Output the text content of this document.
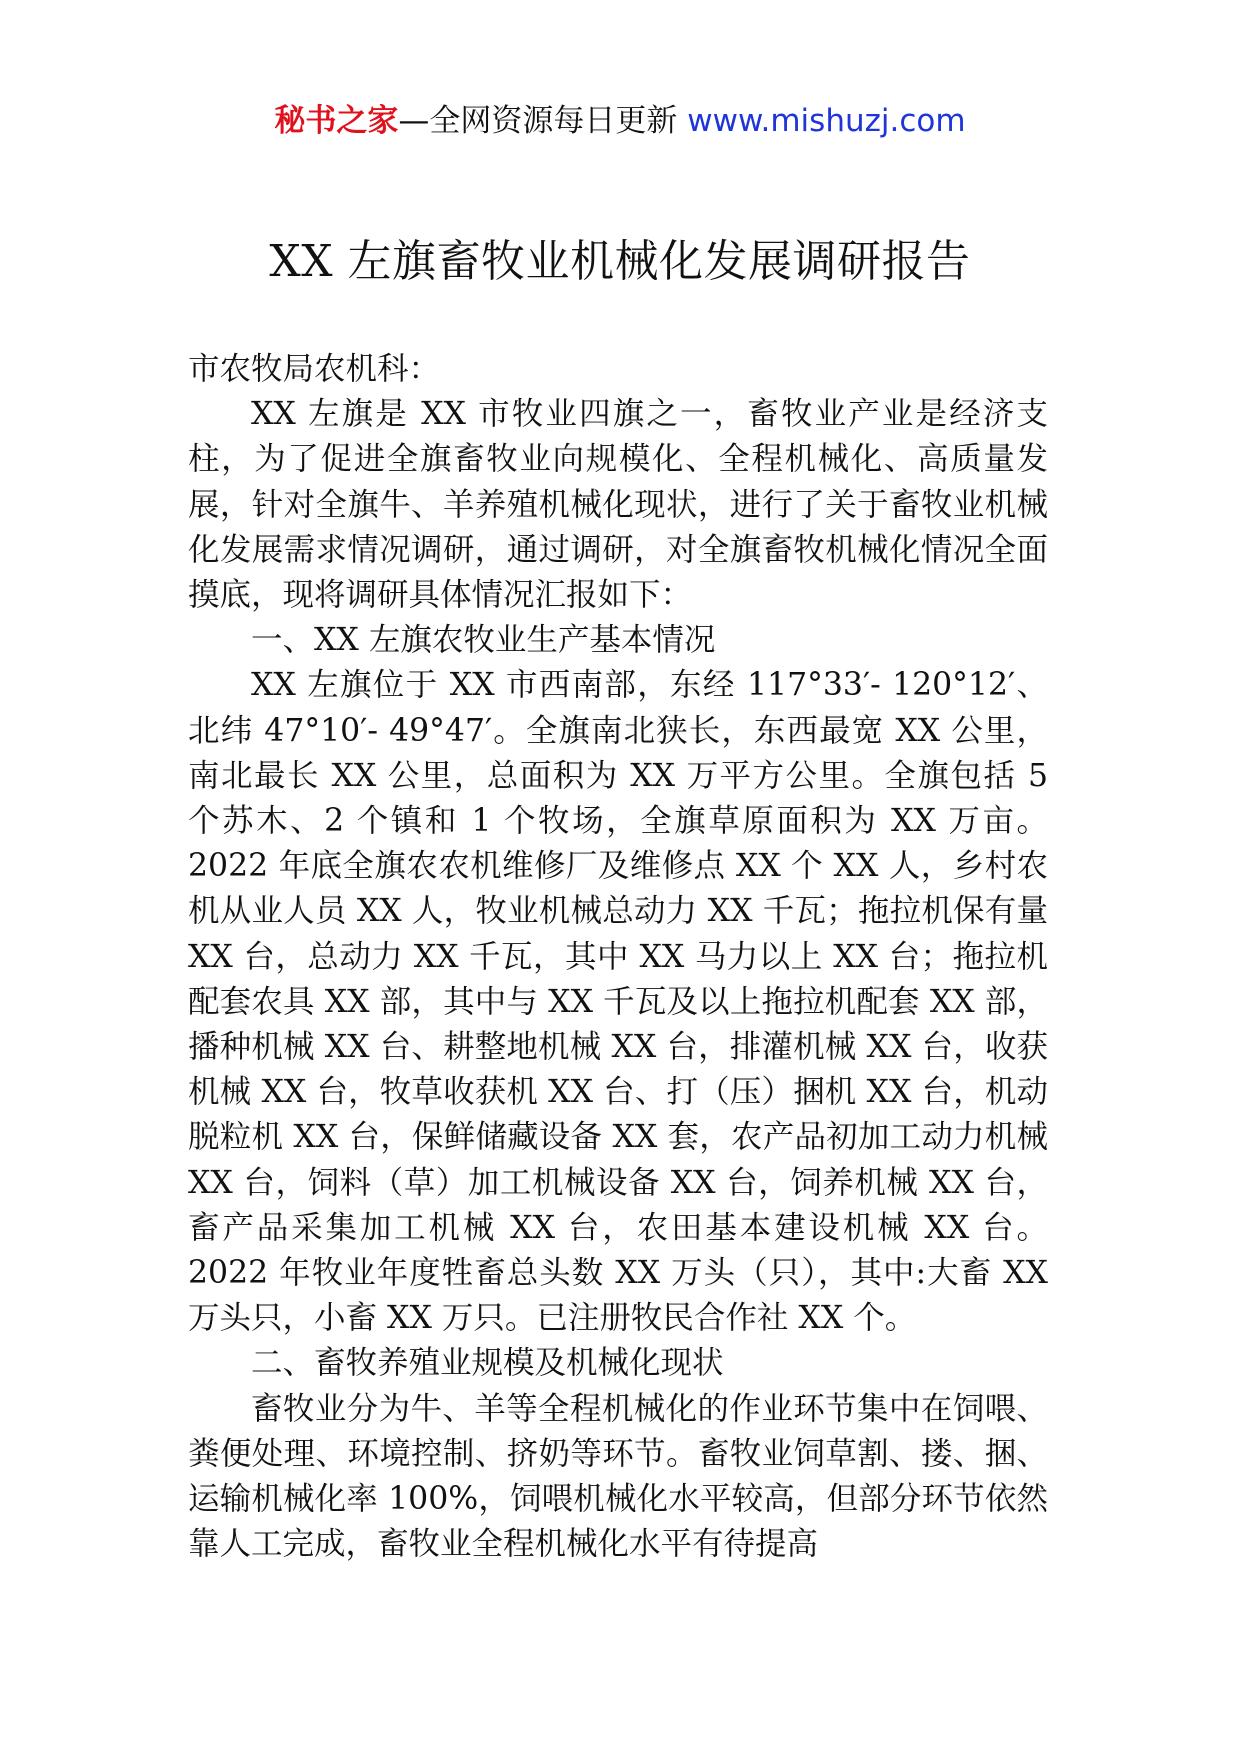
秘书之家—全网资源每日更新 www.mishuzj.com
XX 左旗畜牧业机械化发展调研报告

市农牧局农机科：

XX 左旗是 XX 市牧业四旗之一，畜牧业产业是经济支柱，为了促进全旗畜牧业向规模化、全程机械化、高质量发展，针对全旗牛、羊养殖机械化现状，进行了关于畜牧业机械化发展需求情况调研，通过调研，对全旗畜牧机械化情况全面摸底，现将调研具体情况汇报如下：

一、XX 左旗农牧业生产基本情况

XX 左旗位于 XX 市西南部，东经 117°33′- 120°12′、北纬 47°10′- 49°47′。全旗南北狭长，东西最宽 XX 公里，南北最长 XX 公里，总面积为 XX 万平方公里。全旗包括 5 个苏木、2 个镇和 1 个牧场，全旗草原面积为 XX 万亩。2022 年底全旗农农机维修厂及维修点 XX 个 XX 人，乡村农机从业人员 XX 人，牧业机械总动力 XX 千瓦；拖拉机保有量 XX 台，总动力 XX 千瓦，其中 XX 马力以上 XX 台；拖拉机配套农具 XX 部，其中与 XX 千瓦及以上拖拉机配套 XX 部，播种机械 XX 台、耕整地机械 XX 台，排灌机械 XX 台，收获机械 XX 台，牧草收获机 XX 台、打（压）捆机 XX 台，机动脱粒机 XX 台，保鲜储藏设备 XX 套，农产品初加工动力机械 XX 台，饲料（草）加工机械设备 XX 台，饲养机械 XX 台，畜产品采集加工机械 XX 台，农田基本建设机械 XX 台。2022 年牧业年度牲畜总头数 XX 万头（只），其中:大畜 XX 万头只，小畜 XX 万只。已注册牧民合作社 XX 个。

二、畜牧养殖业规模及机械化现状

畜牧业分为牛、羊等全程机械化的作业环节集中在饲喂、粪便处理、环境控制、挤奶等环节。畜牧业饲草割、搂、捆、运输机械化率 100%，饲喂机械化水平较高，但部分环节依然靠人工完成，畜牧业全程机械化水平有待提高
